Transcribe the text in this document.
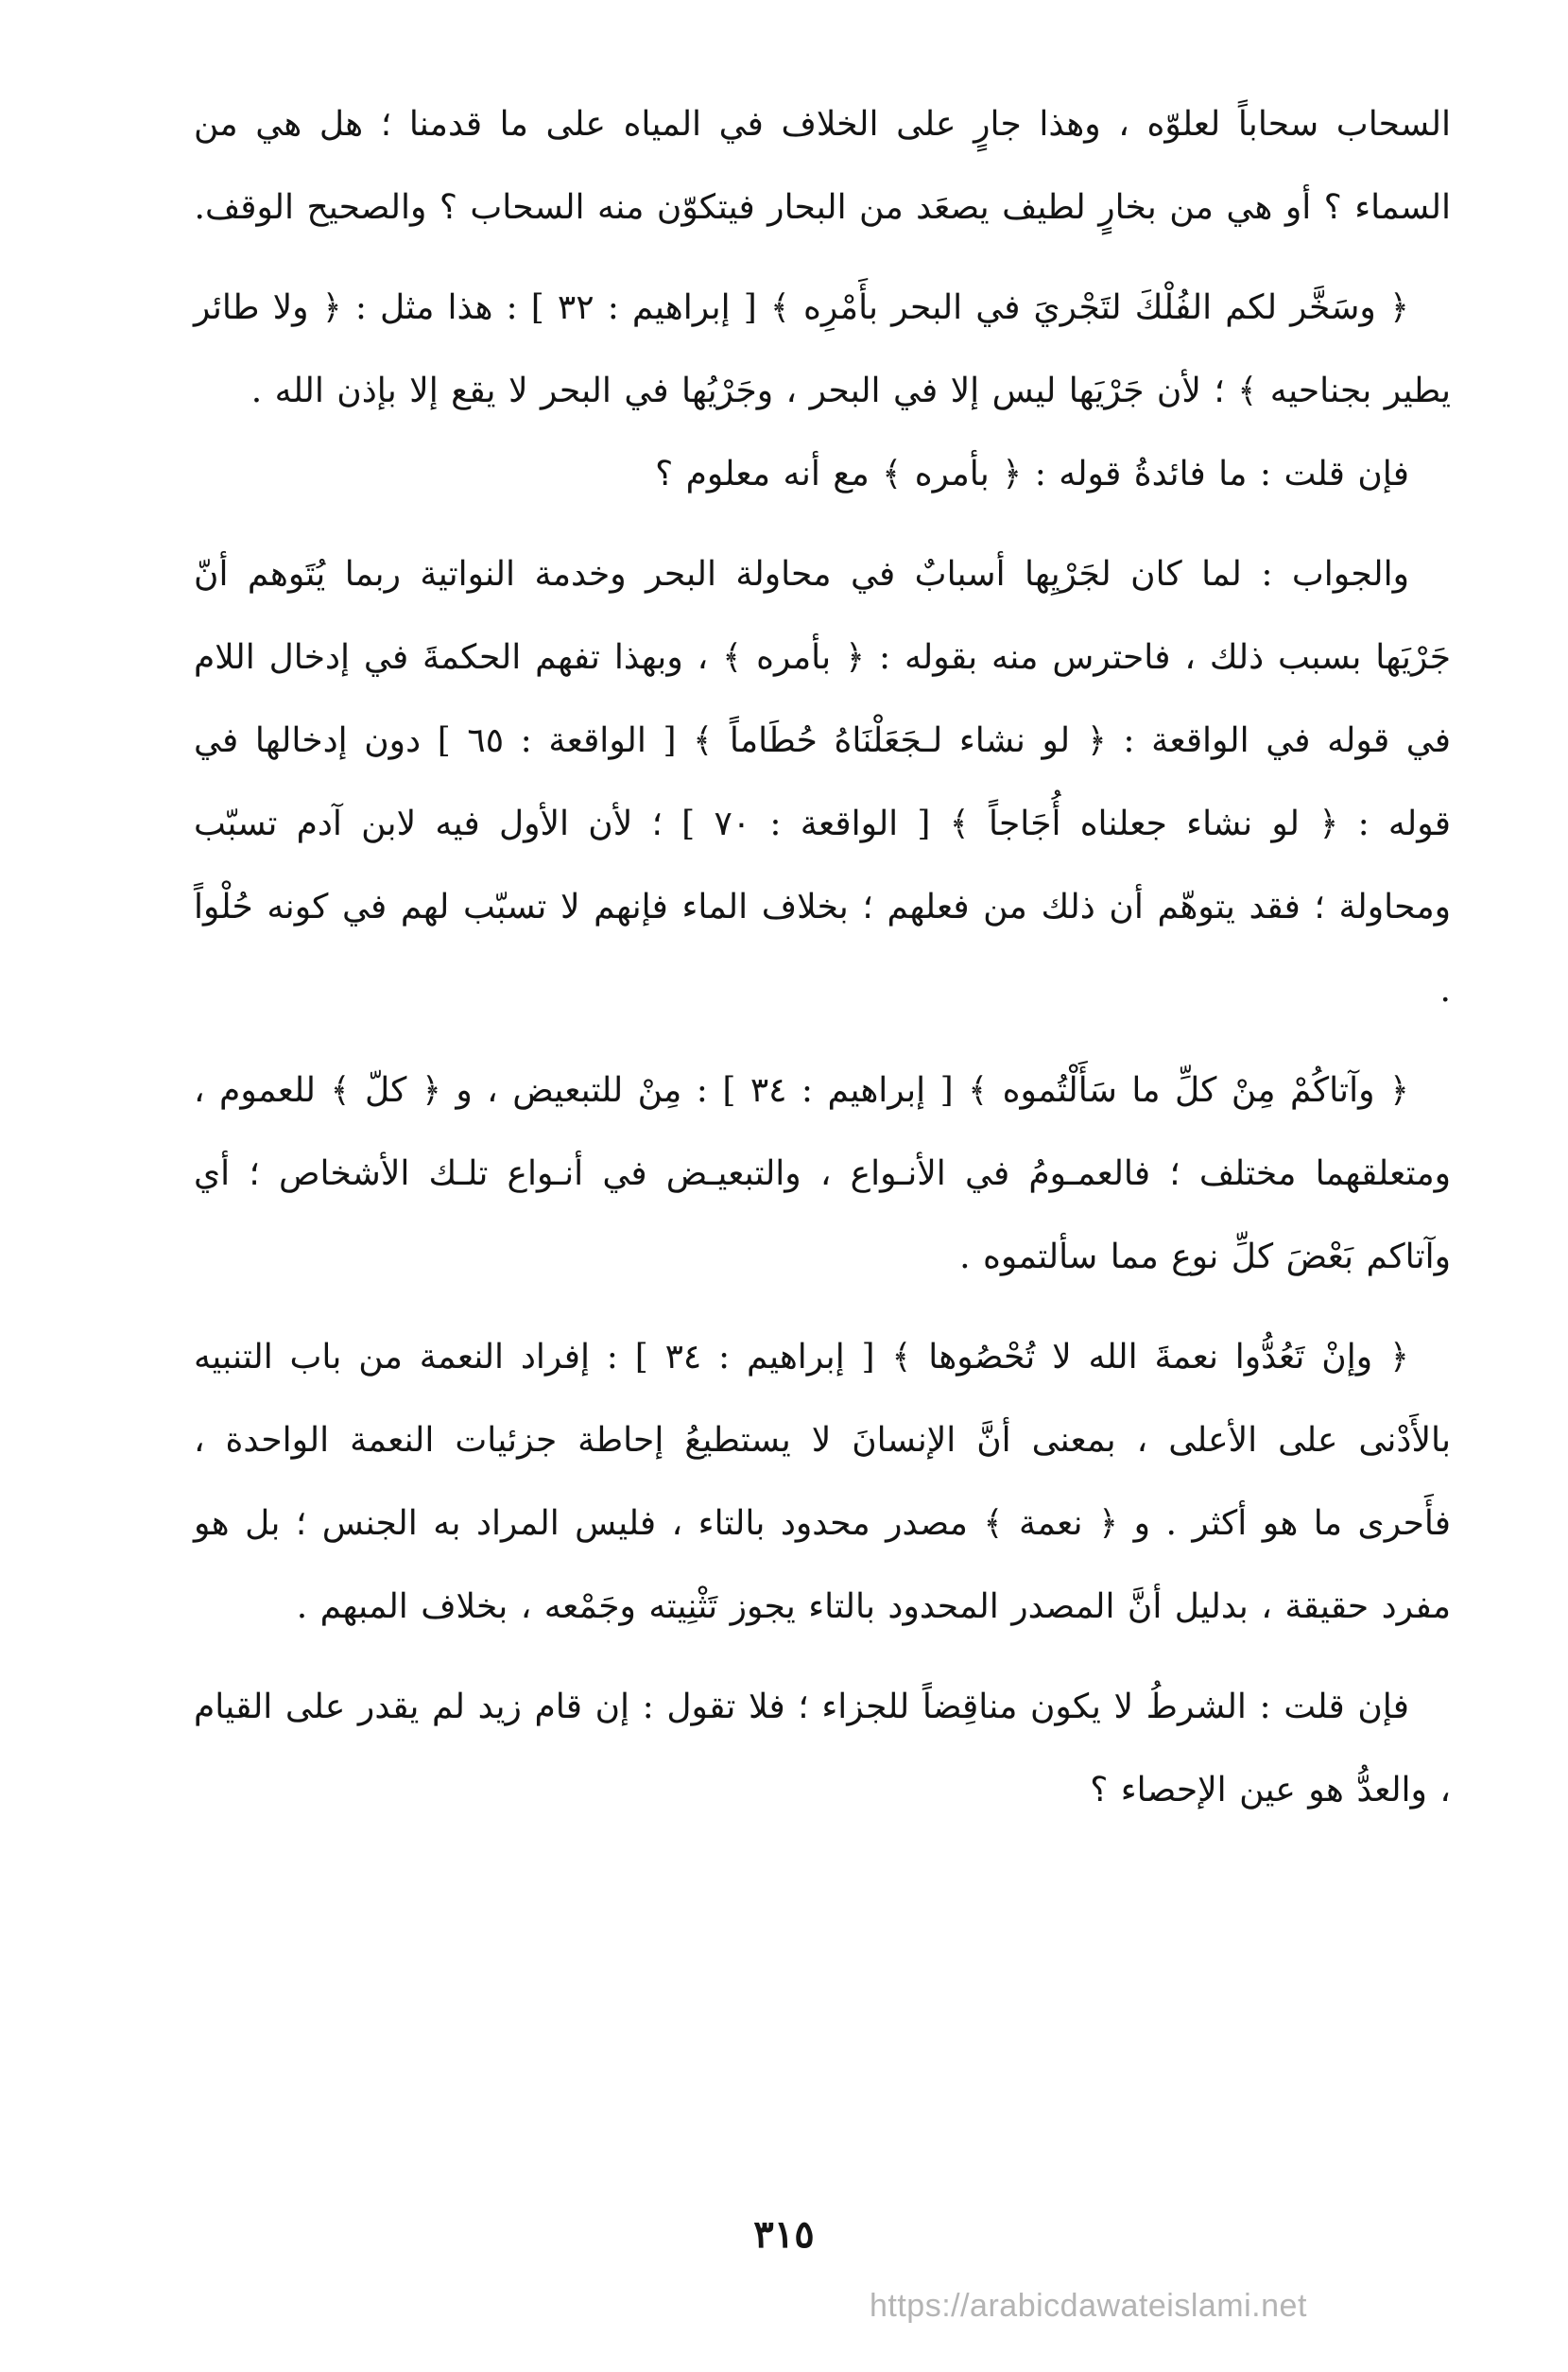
السحاب سحاباً لعلوّه ، وهذا جارٍ على الخلاف في المياه على ما قدمنا ؛ هل هي من السماء ؟ أو هي من بخارٍ لطيف يصعَد من البحار فيتكوّن منه السحاب ؟ والصحيح الوقف.

﴿ وسَخَّر لكم الفُلْكَ لتَجْريَ في البحر بأَمْرِه ﴾ [ إبراهيم : ٣٢ ] : هذا مثل : ﴿ ولا طائر يطير بجناحيه ﴾ ؛ لأن جَرْيَها ليس إلا في البحر ، وجَرْيُها في البحر لا يقع إلا بإذن الله .

فإن قلت : ما فائدةُ قوله : ﴿ بأمره ﴾ مع أنه معلوم ؟

والجواب : لما كان لجَرْيِها أسبابٌ في محاولة البحر وخدمة النواتية ربما يُتَوهم أنّ جَرْيَها بسبب ذلك ، فاحترس منه بقوله : ﴿ بأمره ﴾ ، وبهذا تفهم الحكمةَ في إدخال اللام في قوله في الواقعة : ﴿ لو نشاء لـجَعَلْنَاهُ حُطَاماً ﴾ [ الواقعة : ٦٥ ] دون إدخالها في قوله : ﴿ لو نشاء جعلناه أُجَاجاً ﴾ [ الواقعة : ٧٠ ] ؛ لأن الأول فيه لابن آدم تسبّب ومحاولة ؛ فقد يتوهّم أن ذلك من فعلهم ؛ بخلاف الماء فإنهم لا تسبّب لهم في كونه حُلْواً .

﴿ وآتاكُمْ مِنْ كلِّ ما سَأَلْتُموه ﴾ [ إبراهيم : ٣٤ ] : مِنْ للتبعيض ، و ﴿ كلّ ﴾ للعموم ، ومتعلقهما مختلف ؛ فالعمـومُ في الأنـواع ، والتبعيـض في أنـواع تلـك الأشخاص ؛ أي وآتاكم بَعْضَ كلِّ نوع مما سألتموه .

﴿ وإنْ تَعُدُّوا نعمةَ الله لا تُحْصُوها ﴾ [ إبراهيم : ٣٤ ] : إفراد النعمة من باب التنبيه بالأَدْنى على الأعلى ، بمعنى أنَّ الإنسانَ لا يستطيعُ إحاطة جزئيات النعمة الواحدة ، فأَحرى ما هو أكثر . و ﴿ نعمة ﴾ مصدر محدود بالتاء ، فليس المراد به الجنس ؛ بل هو مفرد حقيقة ، بدليل أنَّ المصدر المحدود بالتاء يجوز تَثْنِيته وجَمْعه ، بخلاف المبهم .

فإن قلت : الشرطُ لا يكون مناقِضاً للجزاء ؛ فلا تقول : إن قام زيد لم يقدر على القيام ، والعدُّ هو عين الإحصاء ؟

٣١٥
https://arabicdawateislami.net
